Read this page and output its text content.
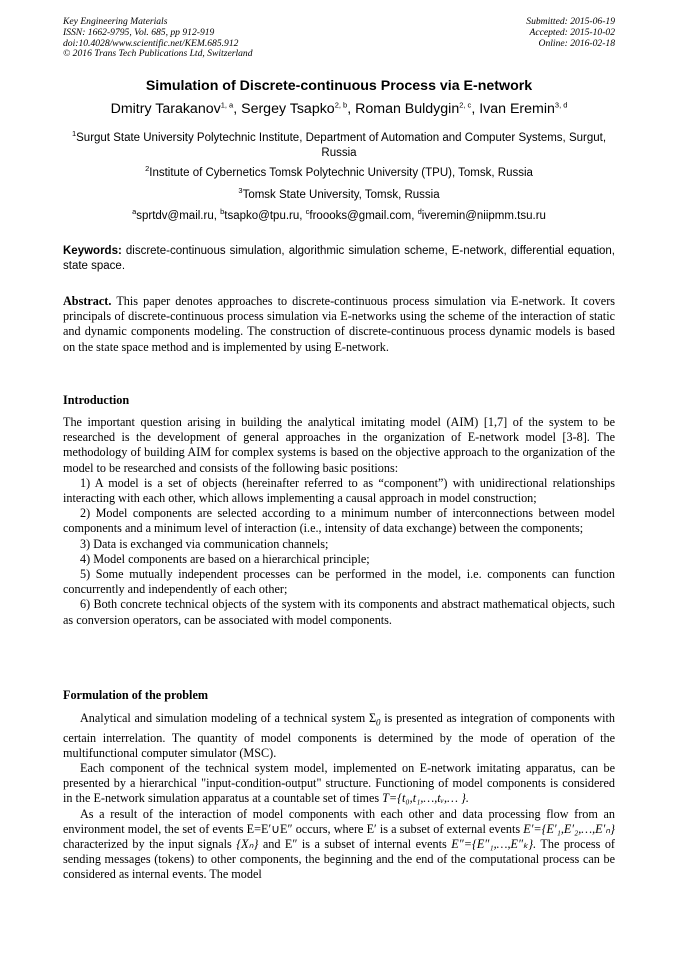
Key Engineering Materials
ISSN: 1662-9795, Vol. 685, pp 912-919
doi:10.4028/www.scientific.net/KEM.685.912
© 2016 Trans Tech Publications Ltd, Switzerland
Submitted: 2015-06-19
Accepted: 2015-10-02
Online: 2016-02-18
Simulation of Discrete-continuous Process via E-network
Dmitry Tarakanov$^{1, a}$, Sergey Tsapko$^{2, b}$, Roman Buldygin$^{2, c}$, Ivan Eremin$^{3, d}$
$^1$Surgut State University Polytechnic Institute, Department of Automation and Computer Systems, Surgut, Russia
$^2$Institute of Cybernetics Tomsk Polytechnic University (TPU), Tomsk, Russia
$^3$Tomsk State University, Tomsk, Russia
$^a$sprtdv@mail.ru, $^b$tsapko@tpu.ru, $^c$froooks@gmail.com, $^d$iveremin@niipmm.tsu.ru
Keywords: discrete-continuous simulation, algorithmic simulation scheme, E-network, differential equation, state space.

Abstract. This paper denotes approaches to discrete-continuous process simulation via E-network. It covers principals of discrete-continuous process simulation via E-networks using the scheme of the interaction of static and dynamic components modeling. The construction of discrete-continuous process dynamic models is based on the state space method and is implemented by using E-network.

Introduction

The important question arising in building the analytical imitating model (AIM) [1,7] of the system to be researched is the development of general approaches in the organization of E-network model [3-8]. The methodology of building AIM for complex systems is based on the objective approach to the organization of the model to be researched and consists of the following basic positions:

1) A model is a set of objects (hereinafter referred to as “component”) with unidirectional relationships interacting with each other, which allows implementing a causal approach in model construction;

2) Model components are selected according to a minimum number of interconnections between model components and a minimum level of interaction (i.e., intensity of data exchange) between the components;

3) Data is exchanged via communication channels;

4) Model components are based on a hierarchical principle;

5) Some mutually independent processes can be performed in the model, i.e. components can function concurrently and independently of each other;

6) Both concrete technical objects of the system with its components and abstract mathematical objects, such as conversion operators, can be associated with model components.

Formulation of the problem

Analytical and simulation modeling of a technical system $\Sigma_0$ is presented as integration of components with certain interrelation. The quantity of model components is determined by the mode of operation of the multifunctional computer simulator (MSC).

Each component of the technical system model, implemented on E-network imitating apparatus, can be presented by a hierarchical "input-condition-output" structure. Functioning of model components is considered in the E-network simulation apparatus at a countable set of times T={t₀,t₁,…,tᵥ,… }.

As a result of the interaction of model components with each other and data processing flow from an environment model, the set of events E=E′∪E″ occurs, where E′ is a subset of external events E′={E′₁,E′₂,…,E′ₙ} characterized by the input signals {Xₙ} and E″ is a subset of internal events E″={E″₁,…,E″ₖ}. The process of sending messages (tokens) to other components, the beginning and the end of the computational process can be considered as internal events. The model
